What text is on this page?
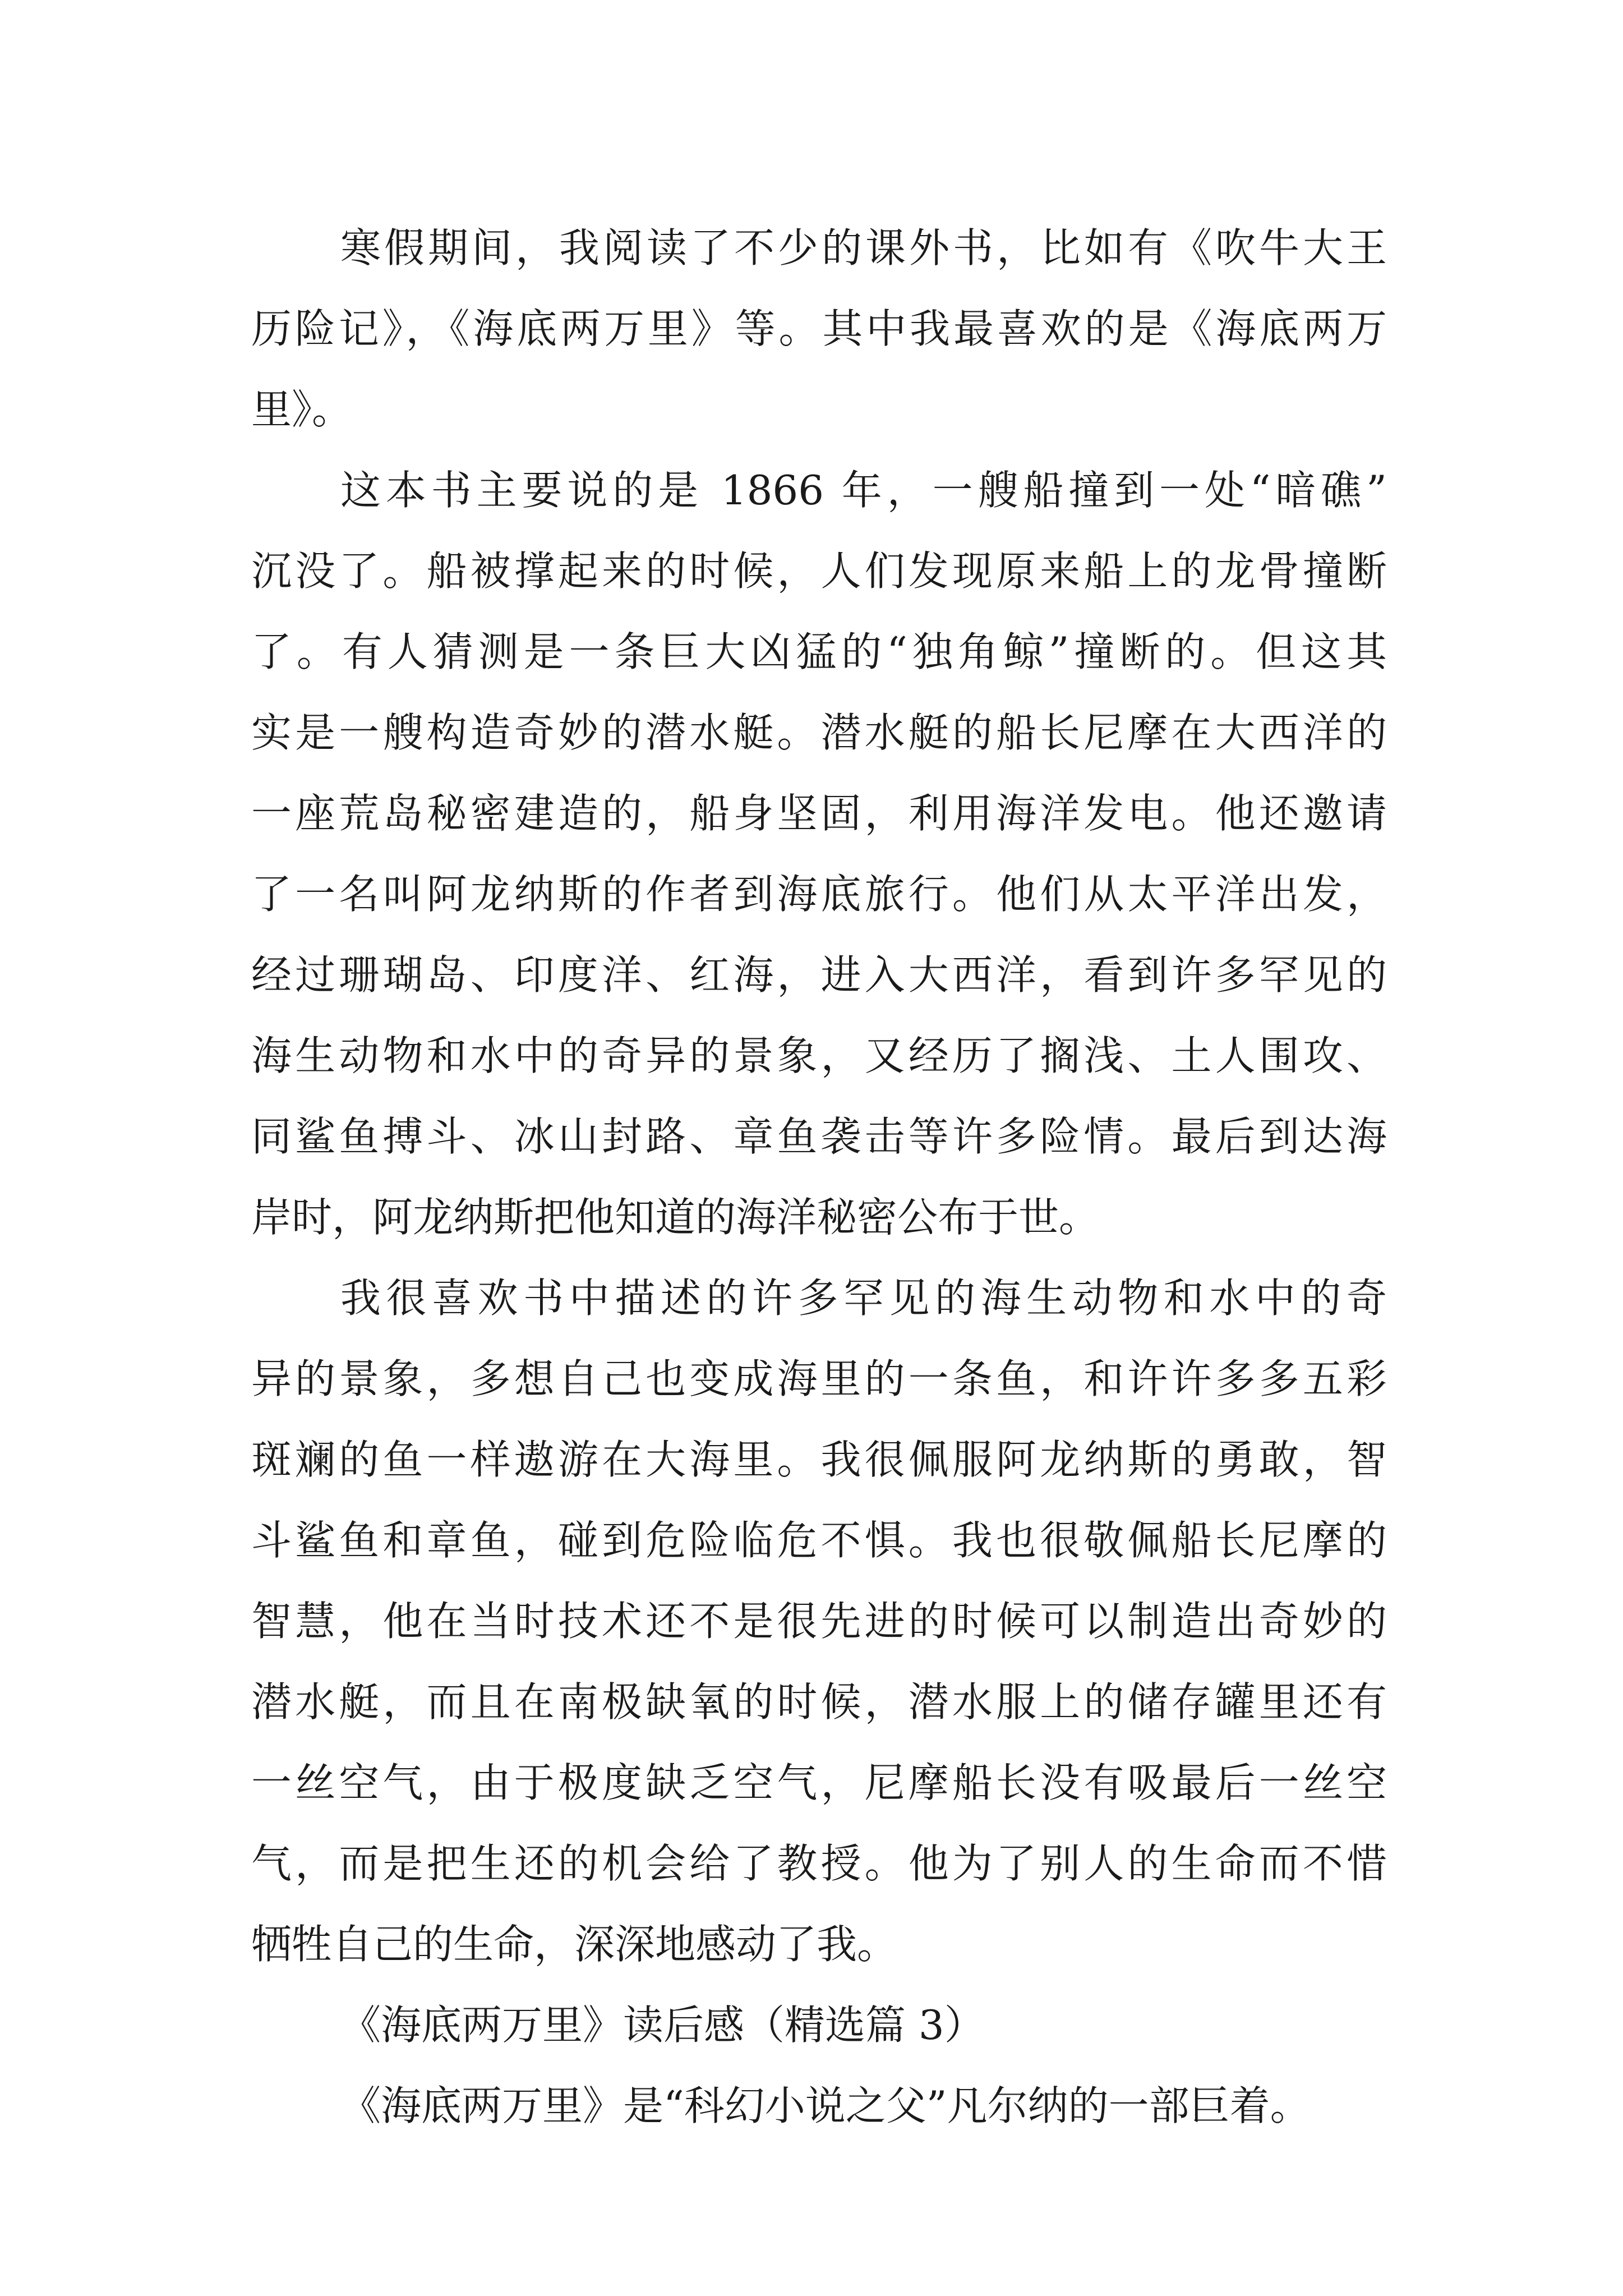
寒假期间，我阅读了不少的课外书，比如有《吹牛大王
历险记》，《海底两万里》等。其中我最喜欢的是《海底两万
里》。
这本书主要说的是 1866 年，一艘船撞到一处“暗礁”
沉没了。船被撑起来的时候，人们发现原来船上的龙骨撞断
了。有人猜测是一条巨大凶猛的“独角鲸”撞断的。但这其
实是一艘构造奇妙的潜水艇。潜水艇的船长尼摩在大西洋的
一座荒岛秘密建造的，船身坚固，利用海洋发电。他还邀请
了一名叫阿龙纳斯的作者到海底旅行。他们从太平洋出发，
经过珊瑚岛、印度洋、红海，进入大西洋，看到许多罕见的
海生动物和水中的奇异的景象，又经历了搁浅、土人围攻、
同鲨鱼搏斗、冰山封路、章鱼袭击等许多险情。最后到达海
岸时，阿龙纳斯把他知道的海洋秘密公布于世。
我很喜欢书中描述的许多罕见的海生动物和水中的奇
异的景象，多想自己也变成海里的一条鱼，和许许多多五彩
斑斓的鱼一样遨游在大海里。我很佩服阿龙纳斯的勇敢，智
斗鲨鱼和章鱼，碰到危险临危不惧。我也很敬佩船长尼摩的
智慧，他在当时技术还不是很先进的时候可以制造出奇妙的
潜水艇，而且在南极缺氧的时候，潜水服上的储存罐里还有
一丝空气，由于极度缺乏空气，尼摩船长没有吸最后一丝空
气，而是把生还的机会给了教授。他为了别人的生命而不惜
牺牲自己的生命，深深地感动了我。
《海底两万里》读后感（精选篇 3）
《海底两万里》是“科幻小说之父”凡尔纳的一部巨着。
